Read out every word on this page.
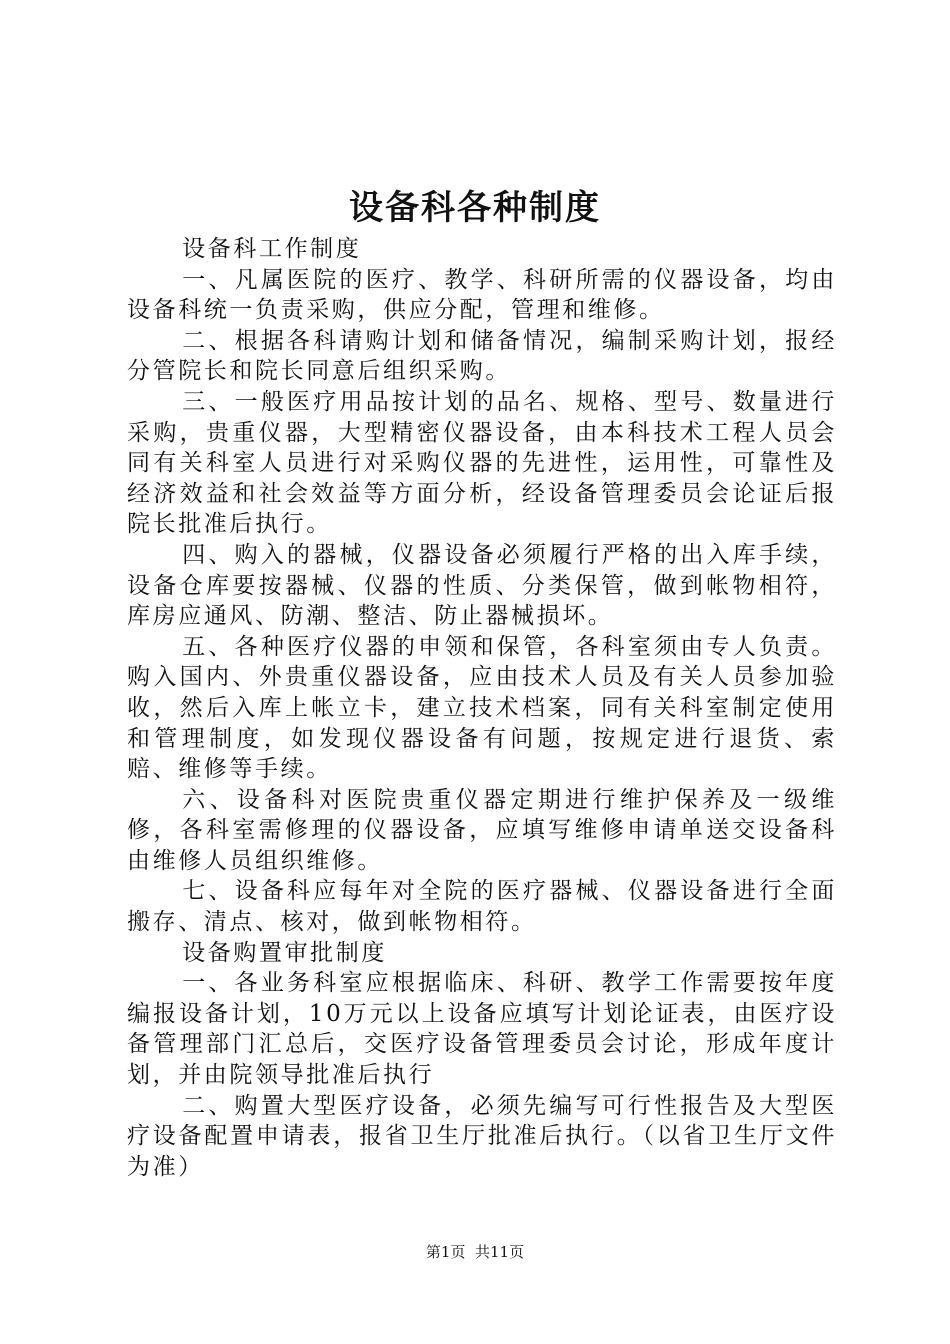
设备科各种制度

设备科工作制度

一、凡属医院的医疗、教学、科研所需的仪器设备，均由设备科统一负责采购，供应分配，管理和维修。

二、根据各科请购计划和储备情况，编制采购计划，报经分管院长和院长同意后组织采购。

三、一般医疗用品按计划的品名、规格、型号、数量进行采购，贵重仪器，大型精密仪器设备，由本科技术工程人员会同有关科室人员进行对采购仪器的先进性，运用性，可靠性及经济效益和社会效益等方面分析，经设备管理委员会论证后报院长批准后执行。

四、购入的器械，仪器设备必须履行严格的出入库手续，设备仓库要按器械、仪器的性质、分类保管，做到帐物相符，库房应通风、防潮、整洁、防止器械损坏。

五、各种医疗仪器的申领和保管，各科室须由专人负责。购入国内、外贵重仪器设备，应由技术人员及有关人员参加验收，然后入库上帐立卡，建立技术档案，同有关科室制定使用和管理制度，如发现仪器设备有问题，按规定进行退货、索赔、维修等手续。

六、设备科对医院贵重仪器定期进行维护保养及一级维修，各科室需修理的仪器设备，应填写维修申请单送交设备科由维修人员组织维修。

七、设备科应每年对全院的医疗器械、仪器设备进行全面搬存、清点、核对，做到帐物相符。

设备购置审批制度

一、各业务科室应根据临床、科研、教学工作需要按年度编报设备计划，10万元以上设备应填写计划论证表，由医疗设备管理部门汇总后，交医疗设备管理委员会讨论，形成年度计划，并由院领导批准后执行

二、购置大型医疗设备，必须先编写可行性报告及大型医疗设备配置申请表，报省卫生厅批准后执行。（以省卫生厅文件为准）

第1页 共11页
